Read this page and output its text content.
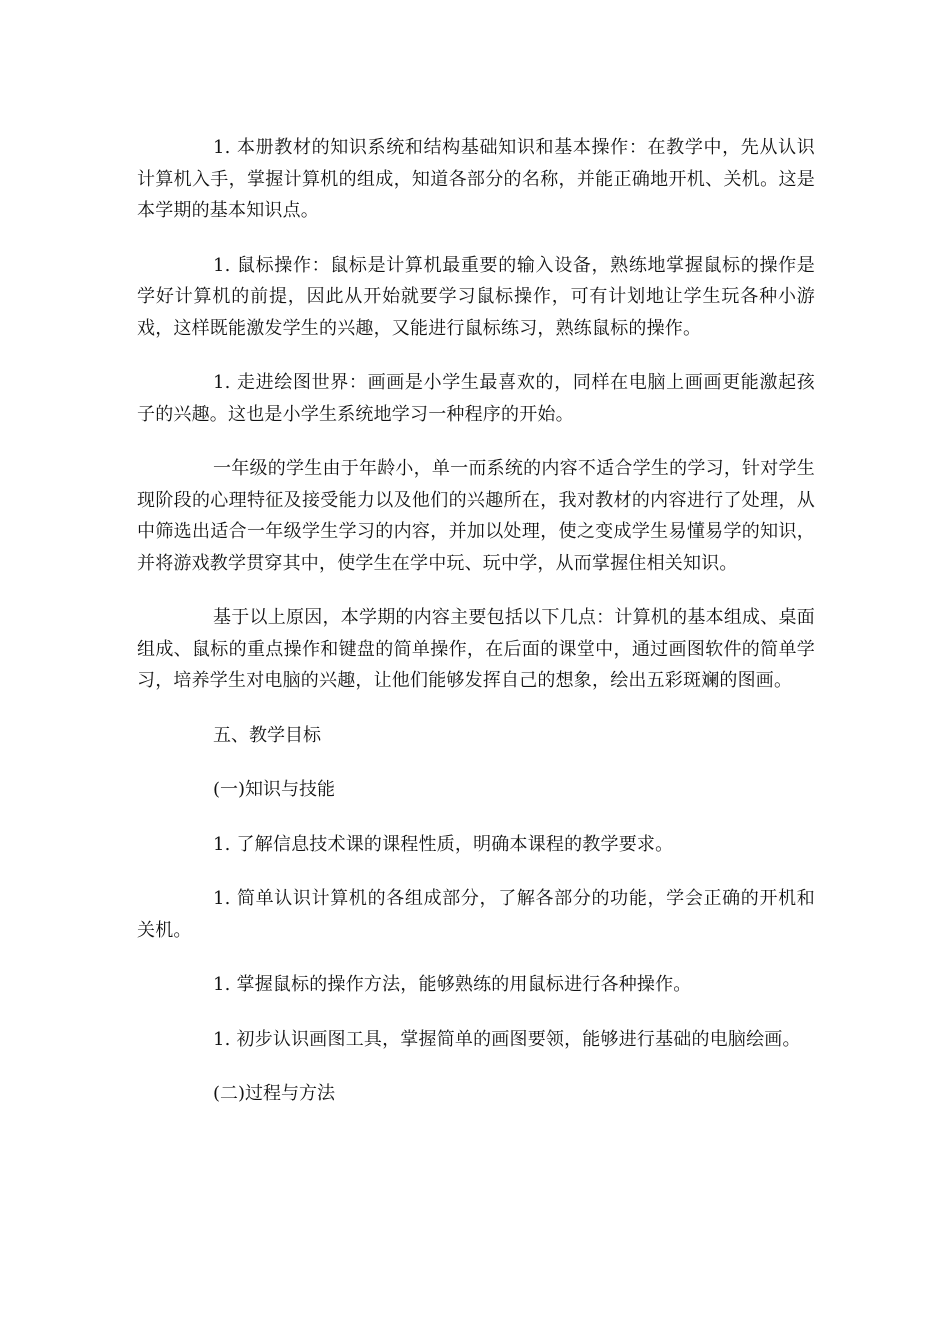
1. 本册教材的知识系统和结构基础知识和基本操作：在教学中，先从认识计算机入手，掌握计算机的组成，知道各部分的名称，并能正确地开机、关机。这是本学期的基本知识点。

1. 鼠标操作：鼠标是计算机最重要的输入设备，熟练地掌握鼠标的操作是学好计算机的前提，因此从开始就要学习鼠标操作，可有计划地让学生玩各种小游戏，这样既能激发学生的兴趣，又能进行鼠标练习，熟练鼠标的操作。

1. 走进绘图世界：画画是小学生最喜欢的，同样在电脑上画画更能激起孩子的兴趣。这也是小学生系统地学习一种程序的开始。

一年级的学生由于年龄小，单一而系统的内容不适合学生的学习，针对学生现阶段的心理特征及接受能力以及他们的兴趣所在，我对教材的内容进行了处理，从中筛选出适合一年级学生学习的内容，并加以处理，使之变成学生易懂易学的知识，并将游戏教学贯穿其中，使学生在学中玩、玩中学，从而掌握住相关知识。

基于以上原因，本学期的内容主要包括以下几点：计算机的基本组成、桌面组成、鼠标的重点操作和键盘的简单操作，在后面的课堂中，通过画图软件的简单学习，培养学生对电脑的兴趣，让他们能够发挥自己的想象，绘出五彩斑斓的图画。

五、教学目标

(一)知识与技能

1. 了解信息技术课的课程性质，明确本课程的教学要求。

1. 简单认识计算机的各组成部分，了解各部分的功能，学会正确的开机和关机。

1. 掌握鼠标的操作方法，能够熟练的用鼠标进行各种操作。

1. 初步认识画图工具，掌握简单的画图要领，能够进行基础的电脑绘画。

(二)过程与方法
